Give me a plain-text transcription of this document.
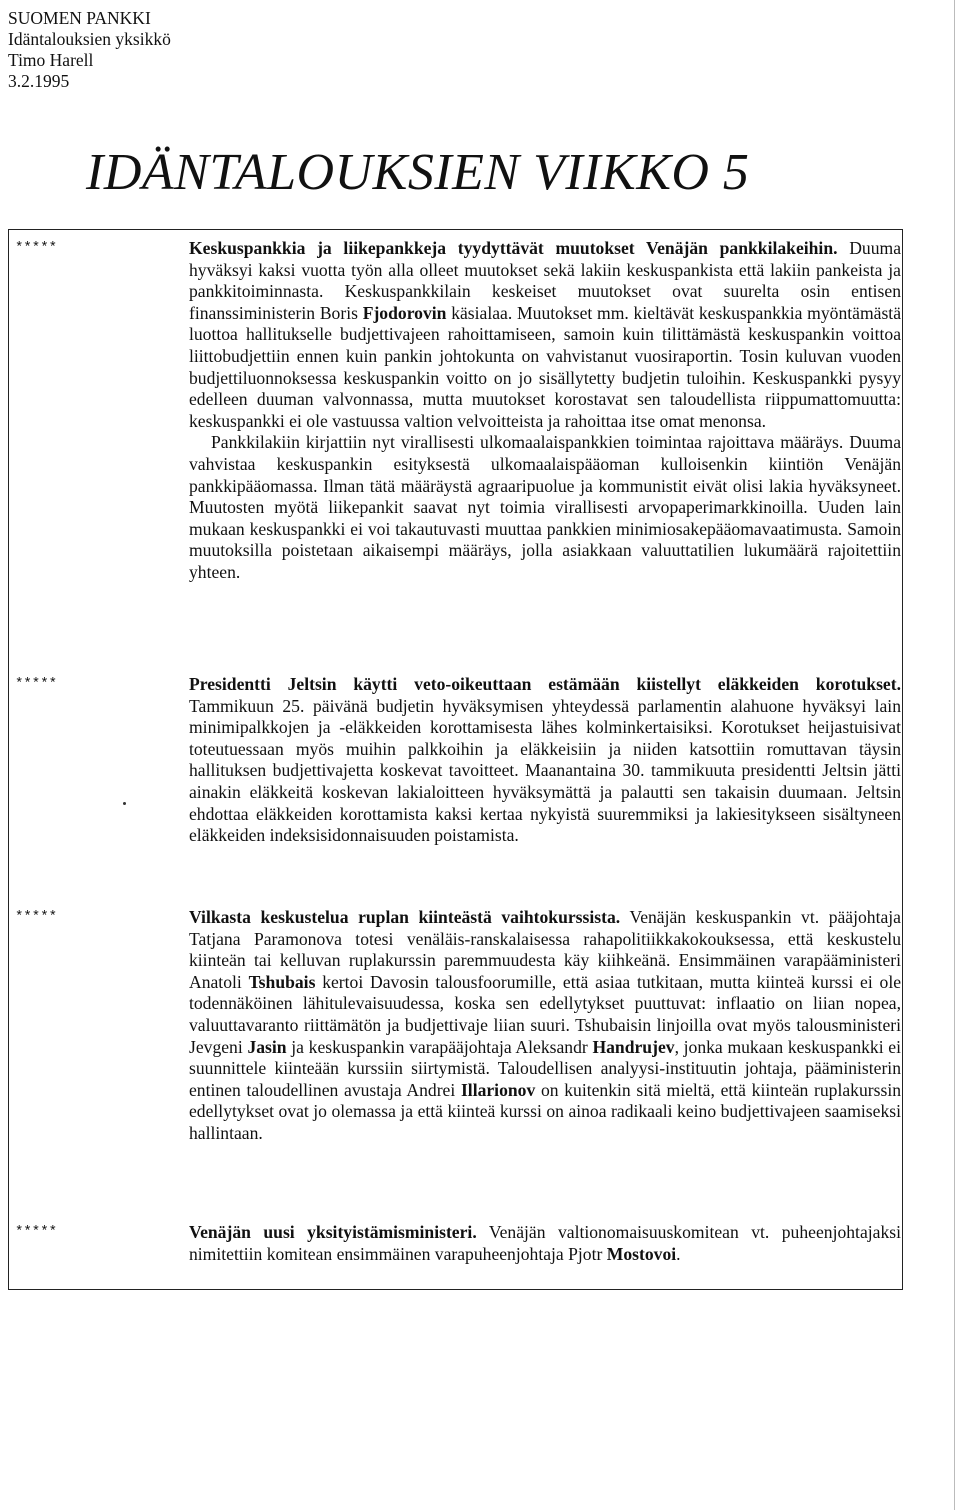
SUOMEN PANKKI
Idäntalouksien yksikkö
Timo Harell
3.2.1995
IDÄNTALOUKSIEN VIIKKO 5
*****	Keskuspankkia ja liikepankkeja tyydyttävät muutokset Venäjän pankkilakeihin. Duuma hyväksyi kaksi vuotta työn alla olleet muutokset sekä lakiin keskuspankista että lakiin pankeista ja pankkitoiminnasta. Keskuspankkilain keskeiset muutokset ovat suurelta osin entisen finanssiministerin Boris Fjodorovin käsialaa. Muutokset mm. kieltävät keskuspankkia myöntämästä luottoa hallitukselle budjettivajeen rahoittamiseen, samoin kuin tilittämästä keskuspankin voittoa liittobudjettiin ennen kuin pankin johtokunta on vahvistanut vuosiraportin. Tosin kuluvan vuoden budjettiluonnoksessa keskuspankin voitto on jo sisällytetty budjetin tuloihin. Keskuspankki pysyy edelleen duuman valvonnassa, mutta muutokset korostavat sen taloudellista riippumattomuutta: keskuspankki ei ole vastuussa valtion velvoitteista ja rahoittaa itse omat menonsa.

Pankkilakiin kirjattiin nyt virallisesti ulkomaalaispankkien toimintaa rajoittava määräys. Duuma vahvistaa keskuspankin esityksestä ulkomaalaispääoman kulloisenkin kiintiön Venäjän pankkipääomassa. Ilman tätä määräystä agraaripuolue ja kommunistit eivät olisi lakia hyväksyneet. Muutosten myötä liikepankit saavat nyt toimia virallisesti arvopaperimarkkinoilla. Uuden lain mukaan keskuspankki ei voi takautuvasti muuttaa pankkien minimiosakepääomavaatimusta. Samoin muutoksilla poistetaan aikaisempi määräys, jolla asiakkaan valuuttatilien lukumäärä rajoitettiin yhteen.

*****	Presidentti Jeltsin käytti veto-oikeuttaan estämään kiistellyt eläkkeiden korotukset. Tammikuun 25. päivänä budjetin hyväksymisen yhteydessä parlamentin alahuone hyväksyi lain minimipalkkojen ja -eläkkeiden korottamisesta lähes kolminkertaisiksi. Korotukset heijastuisivat toteutuessaan myös muihin palkkoihin ja eläkkeisiin ja niiden katsottiin romuttavan täysin hallituksen budjettivajetta koskevat tavoitteet. Maanantaina 30. tammikuuta presidentti Jeltsin jätti ainakin eläkkeitä koskevan lakialoitteen hyväksymättä ja palautti sen takaisin duumaan. Jeltsin ehdottaa eläkkeiden korottamista kaksi kertaa nykyistä suuremmiksi ja lakiesitykseen sisältyneen eläkkeiden indeksisidonnaisuuden poistamista.

*****	Vilkasta keskustelua ruplan kiinteästä vaihtokurssista. Venäjän keskuspankin vt. pääjohtaja Tatjana Paramonova totesi venäläis-ranskalaisessa rahapolitiikkakokouksessa, että keskustelu kiinteän tai kelluvan ruplakurssin paremmuudesta käy kiihkeänä. Ensimmäinen varapääministeri Anatoli Tshubais kertoi Davosin talousfoorumille, että asiaa tutkitaan, mutta kiinteä kurssi ei ole todennäköinen lähitulevaisuudessa, koska sen edellytykset puuttuvat: inflaatio on liian nopea, valuuttavaranto riittämätön ja budjettivaje liian suuri. Tshubaisin linjoilla ovat myös talousministeri Jevgeni Jasin ja keskuspankin varapääjohtaja Aleksandr Handrujev, jonka mukaan keskuspankki ei suunnittele kiinteään kurssiin siirtymistä. Taloudellisen analyysi-instituutin johtaja, pääministerin entinen taloudellinen avustaja Andrei Illarionov on kuitenkin sitä mieltä, että kiinteän ruplakurssin edellytykset ovat jo olemassa ja että kiinteä kurssi on ainoa radikaali keino budjettivajeen saamiseksi hallintaan.

*****	Venäjän uusi yksityistämisministeri. Venäjän valtionomaisuuskomitean vt. puheenjohtajaksi nimitettiin komitean ensimmäinen varapuheenjohtaja Pjotr Mostovoi.
